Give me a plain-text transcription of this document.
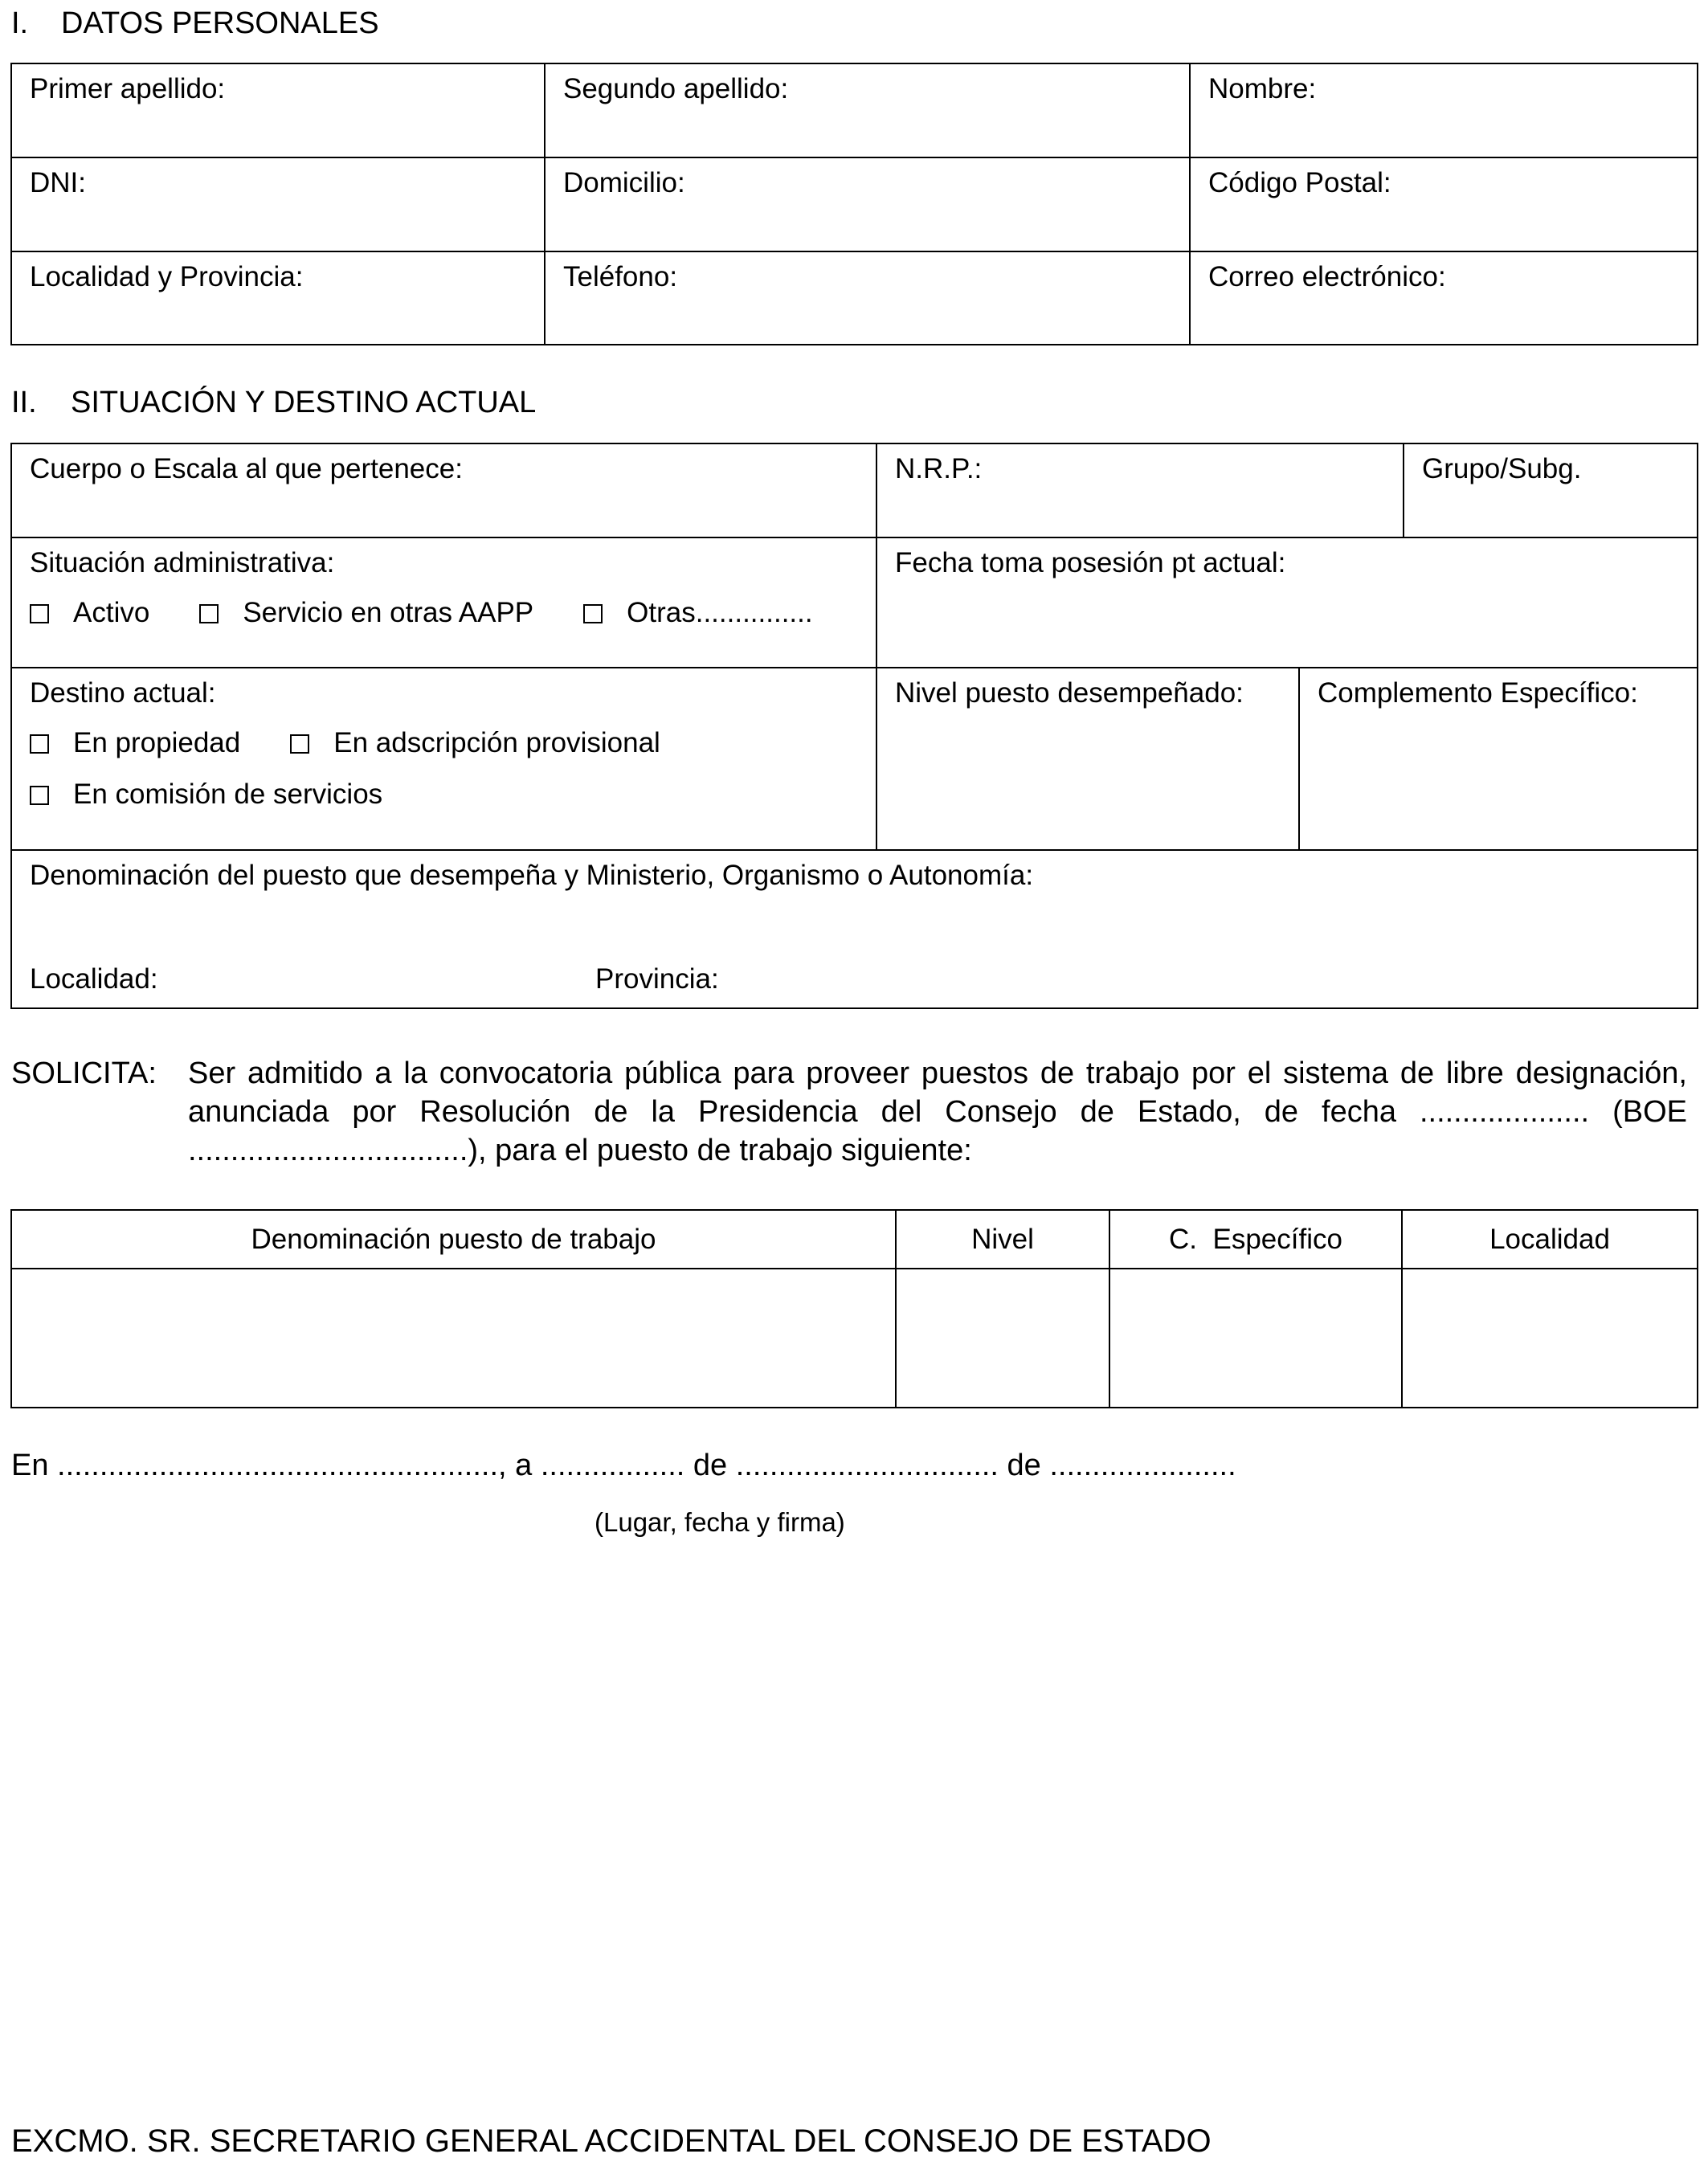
I. DATOS PERSONALES
Primer apellido:	Segundo apellido:	Nombre:

DNI:	Domicilio:	Código Postal:

Localidad y Provincia:	Teléfono:	Correo electrónico:
II. SITUACIÓN Y DESTINO ACTUAL
Cuerpo o Escala al que pertenece:	N.R.P.:		Grupo/Subg.

Situación administrativa:
Activo Servicio en otras AAPP Otras...............	Fecha toma posesión pt actual:		

Destino actual:
En propiedad En adscripción provisional
En comisión de servicios	Nivel puesto desempeñado:	Complemento Específico:	

Denominación del puesto que desempeña y Ministerio, Organismo o Autonomía:
Localidad: Provincia:			
SOLICITA: Ser admitido a la convocatoria pública para proveer puestos de trabajo por el sistema de libre designación, anunciada por Resolución de la Presidencia del Consejo de Estado, de fecha .................... (BOE .................................), para el puesto de trabajo siguiente:
Denominación puesto de trabajo	Nivel	C.  Específico	Localidad

En ...................................................., a ................. de ............................... de ......................
(Lugar, fecha y firma)
EXCMO. SR. SECRETARIO GENERAL ACCIDENTAL DEL CONSEJO DE ESTADO
